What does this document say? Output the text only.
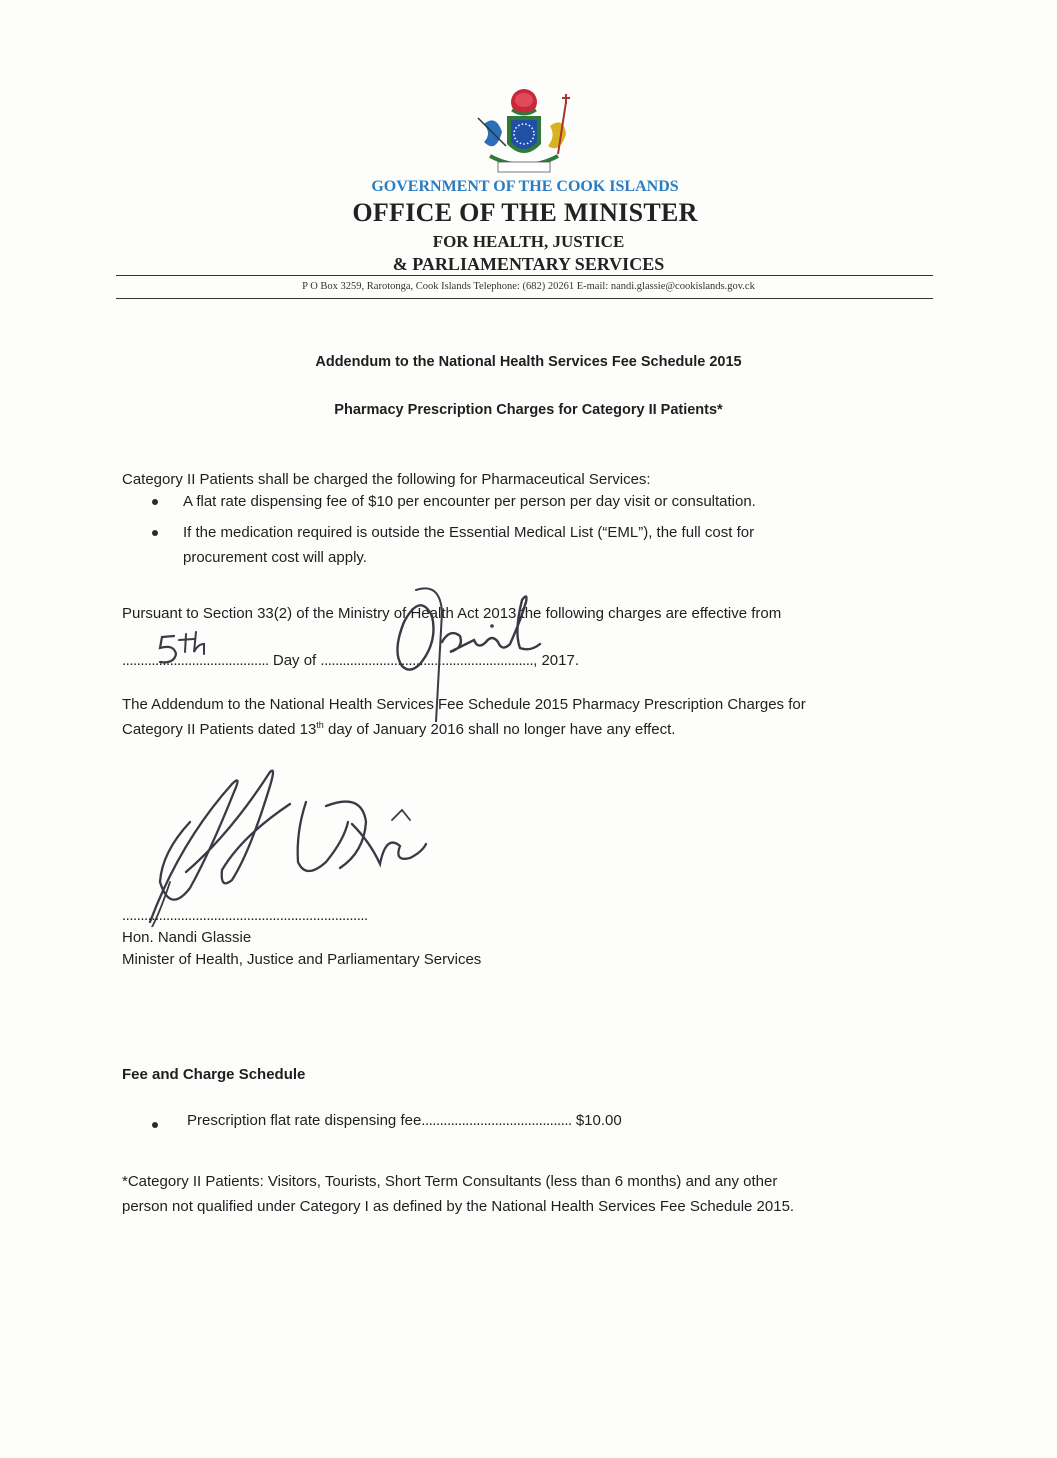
GOVERNMENT OF THE COOK ISLANDS
OFFICE OF THE MINISTER
FOR HEALTH, JUSTICE
& PARLIAMENTARY SERVICES
P O Box 3259, Rarotonga, Cook Islands Telephone: (682) 20261 E-mail: nandi.glassie@cookislands.gov.ck
Addendum to the National Health Services Fee Schedule 2015
Pharmacy Prescription Charges for Category II Patients*
Category II Patients shall be charged the following for Pharmaceutical Services:
A flat rate dispensing fee of $10 per encounter per person per day visit or consultation.
If the medication required is outside the Essential Medical List (“EML”), the full cost for
procurement cost will apply.
Pursuant to Section 33(2) of the Ministry of Health Act 2013 the following charges are effective from
........................................ Day of .........................................................., 2017.
The Addendum to the National Health Services Fee Schedule 2015 Pharmacy Prescription Charges for
Category II Patients dated 13th day of January 2016 shall no longer have any effect.
...................................................................
Hon. Nandi Glassie
Minister of Health, Justice and Parliamentary Services
Fee and Charge Schedule
Prescription flat rate dispensing fee......................................... $10.00
*Category II Patients: Visitors, Tourists, Short Term Consultants (less than 6 months) and any other
person not qualified under Category I as defined by the National Health Services Fee Schedule 2015.
